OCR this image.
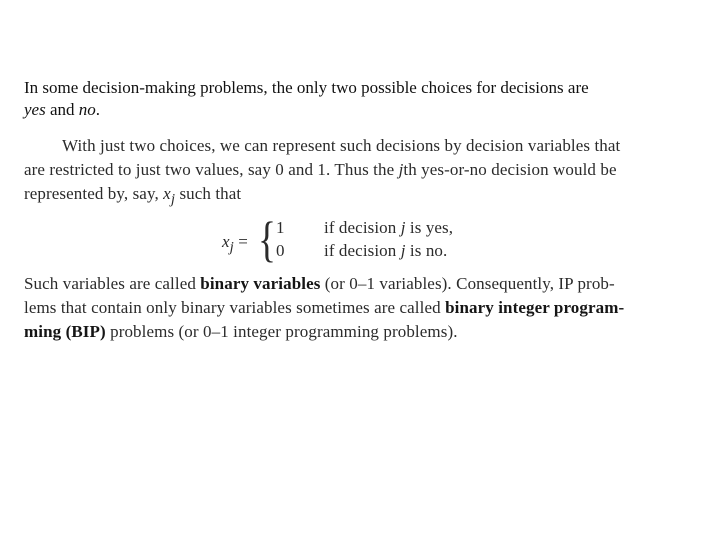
In some decision-making problems, the only two possible choices for decisions are
yes and no.
With just two choices, we can represent such decisions by decision variables that
are restricted to just two values, say 0 and 1. Thus the jth yes-or-no decision would be
represented by, say, $x_j$ such that
$x_j$ = { 1
0
if decision j is yes,
if decision j is no.
Such variables are called binary variables (or 0–1 variables). Consequently, IP prob-
lems that contain only binary variables sometimes are called binary integer program-
ming (BIP) problems (or 0–1 integer programming problems).
